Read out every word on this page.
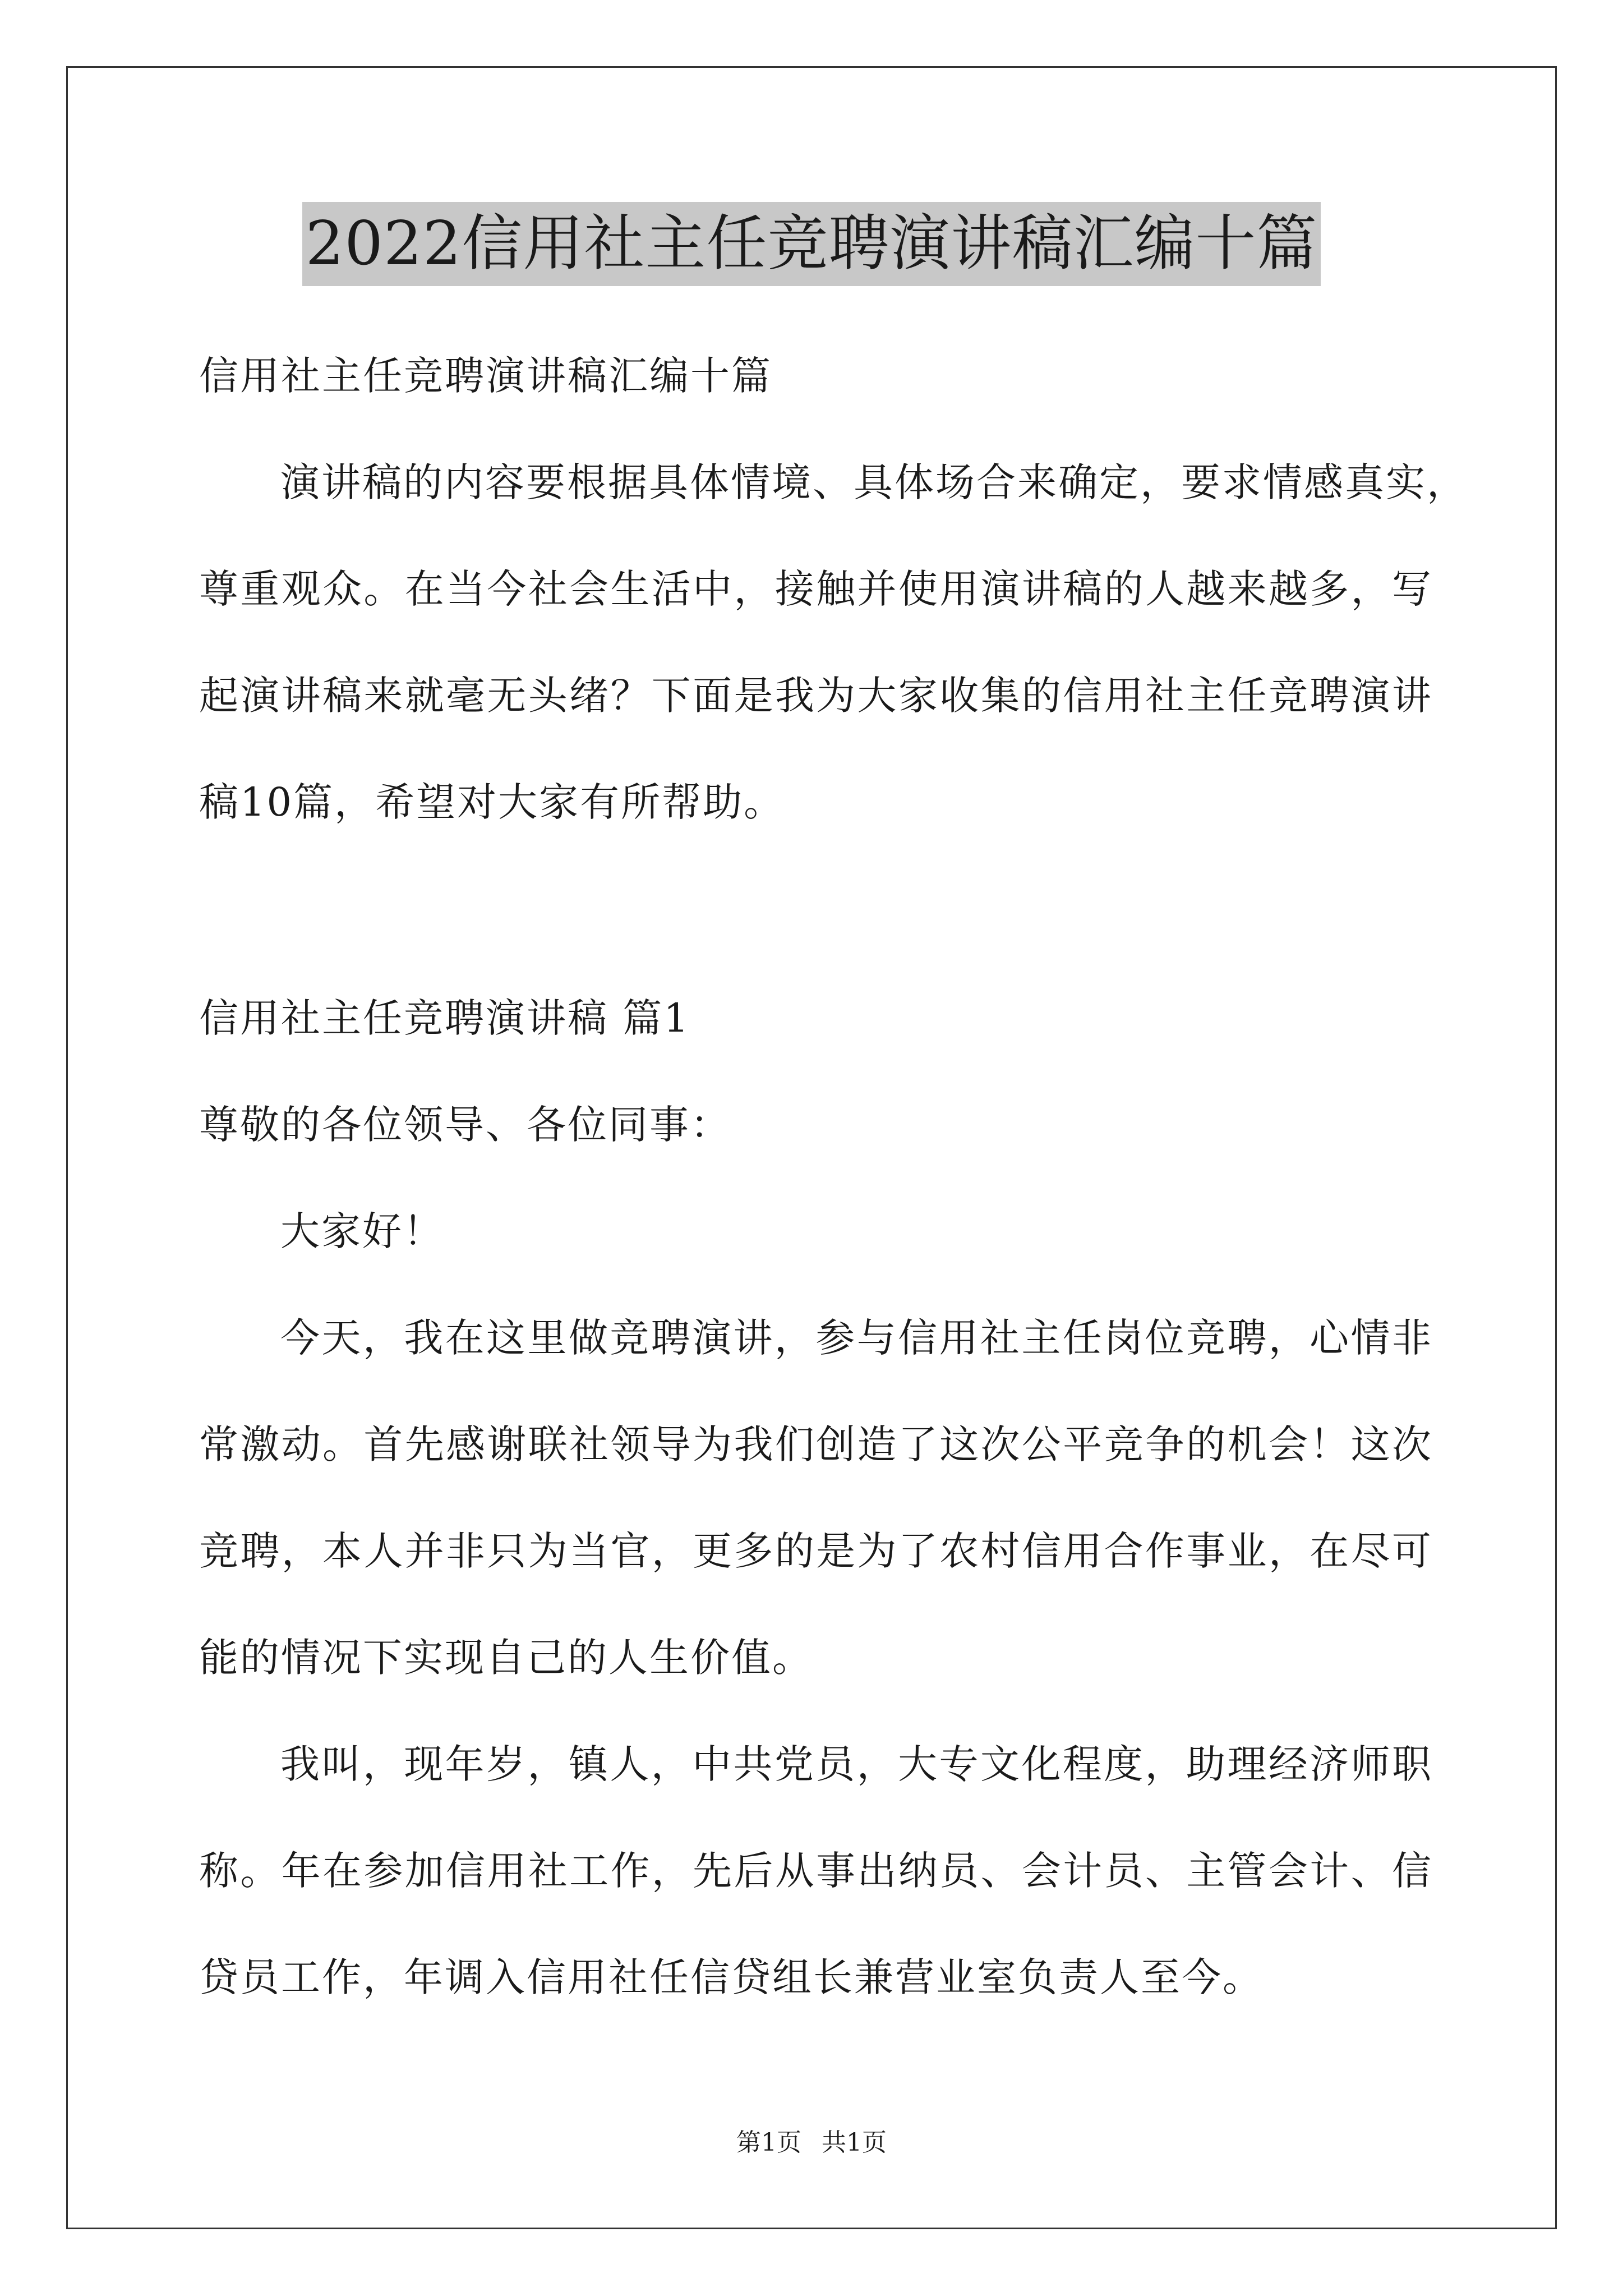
2022信用社主任竞聘演讲稿汇编十篇
信用社主任竞聘演讲稿汇编十篇
演讲稿的内容要根据具体情境、具体场合来确定，要求情感真实，
尊重观众。在当今社会生活中，接触并使用演讲稿的人越来越多，写
起演讲稿来就毫无头绪？下面是我为大家收集的信用社主任竞聘演讲
稿10篇，希望对大家有所帮助。
信用社主任竞聘演讲稿 篇1
尊敬的各位领导、各位同事：
大家好！
今天，我在这里做竞聘演讲，参与信用社主任岗位竞聘，心情非
常激动。首先感谢联社领导为我们创造了这次公平竞争的机会！这次
竞聘，本人并非只为当官，更多的是为了农村信用合作事业，在尽可
能的情况下实现自己的人生价值。
我叫，现年岁，镇人，中共党员，大专文化程度，助理经济师职
称。年在参加信用社工作，先后从事出纳员、会计员、主管会计、信
贷员工作，年调入信用社任信贷组长兼营业室负责人至今。
第1页 共1页
